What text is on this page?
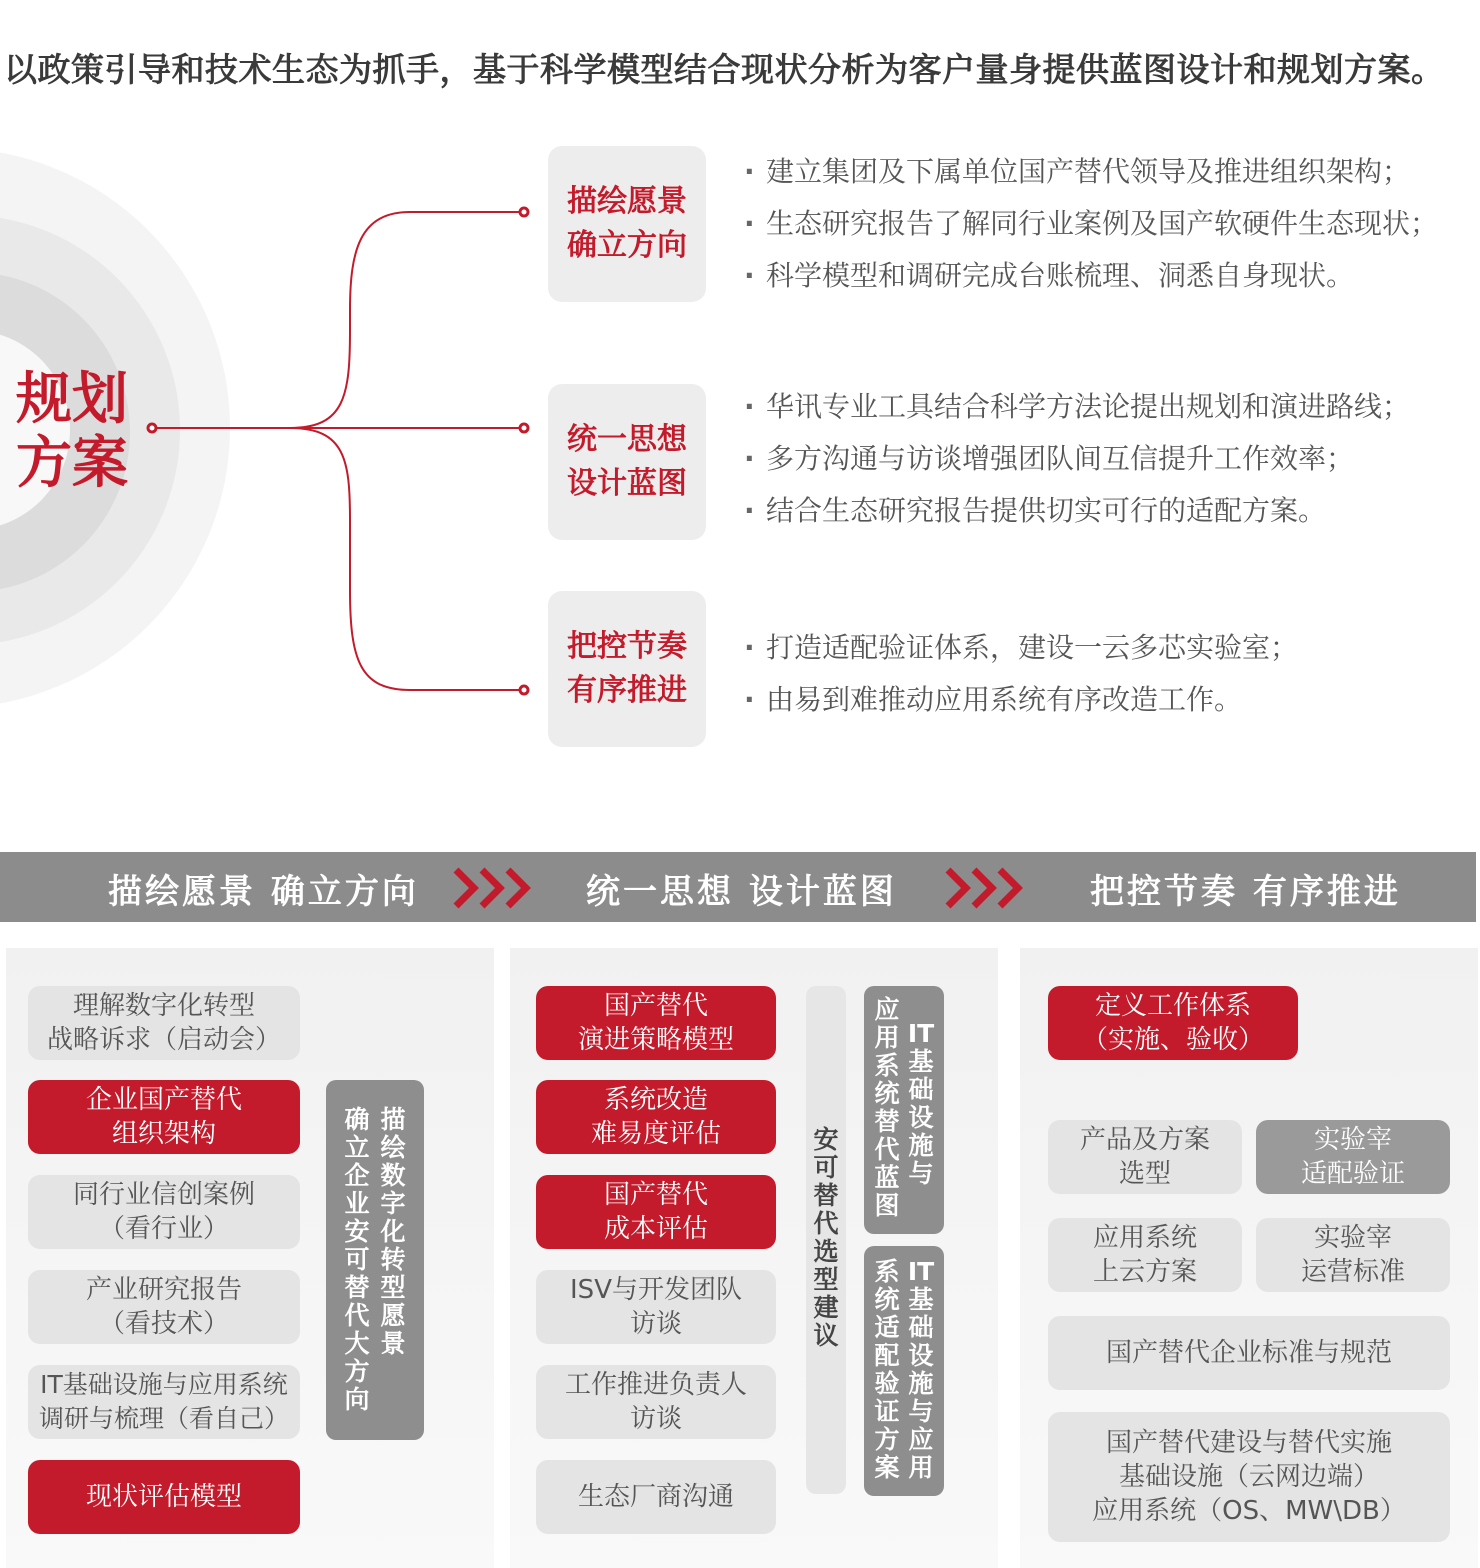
以政策引导和技术生态为抓手，基于科学模型结合现状分析为客户量身提供蓝图设计和规划方案。
规划
方案
描绘愿景
确立方向
· 建立集团及下属单位国产替代领导及推进组织架构；
· 生态研究报告了解同行业案例及国产软硬件生态现状；
· 科学模型和调研完成台账梳理、洞悉自身现状。
统一思想
设计蓝图
· 华讯专业工具结合科学方法论提出规划和演进路线；
· 多方沟通与访谈增强团队间互信提升工作效率；
· 结合生态研究报告提供切实可行的适配方案。
把控节奏
有序推进
· 打造适配验证体系，建设一云多芯实验室；
· 由易到难推动应用系统有序改造工作。
描绘愿景 确立方向	统一思想 设计蓝图	把控节奏 有序推进
理解数字化转型
战略诉求（启动会）
企业国产替代
组织架构
同行业信创案例
（看行业）
产业研究报告
（看技术）
IT基础设施与应用系统
调研与梳理（看自己）
现状评估模型
描绘数字化转型愿景
确立企业安可替代大方向
国产替代
演进策略模型
系统改造
难易度评估
国产替代
成本评估
ISV与开发团队
访谈
工作推进负责人
访谈
生态厂商沟通
安可替代选型建议
IT基础设施与
应用系统替代蓝图
IT基础设施与应用
系统适配验证方案
定义工作体系
（实施、验收）
产品及方案
选型
实验宰
适配验证
应用系统
上云方案
实验宰
运营标准
国产替代企业标准与规范
国产替代建设与替代实施
基础设施（云网边端）
应用系统（OS、MW\DB）
